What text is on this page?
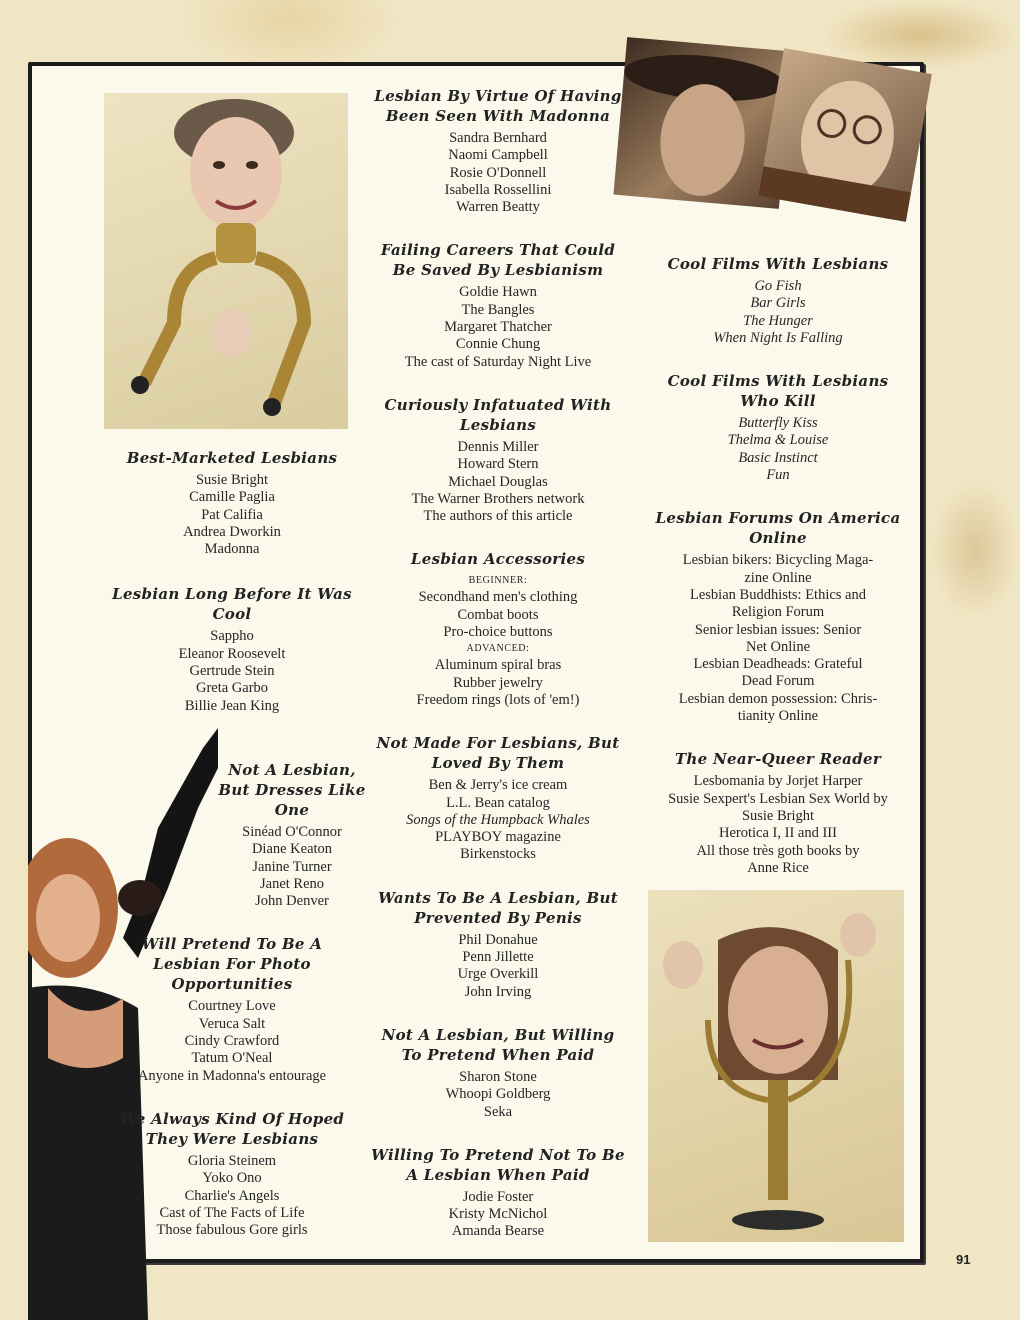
Best-Marketed Lesbians
Susie Bright
Camille Paglia
Pat Califia
Andrea Dworkin
Madonna
Lesbian Long Before It Was Cool
Sappho
Eleanor Roosevelt
Gertrude Stein
Greta Garbo
Billie Jean King
Not A Lesbian, But Dresses Like One
Sinéad O'Connor
Diane Keaton
Janine Turner
Janet Reno
John Denver
Will Pretend To Be A Lesbian For Photo Opportunities
Courtney Love
Veruca Salt
Cindy Crawford
Tatum O'Neal
Anyone in Madonna's entourage
We Always Kind Of Hoped They Were Lesbians
Gloria Steinem
Yoko Ono
Charlie's Angels
Cast of The Facts of Life
Those fabulous Gore girls
Lesbian By Virtue Of Having Been Seen With Madonna
Sandra Bernhard
Naomi Campbell
Rosie O'Donnell
Isabella Rossellini
Warren Beatty
Failing Careers That Could Be Saved By Lesbianism
Goldie Hawn
The Bangles
Margaret Thatcher
Connie Chung
The cast of Saturday Night Live
Curiously Infatuated With Lesbians
Dennis Miller
Howard Stern
Michael Douglas
The Warner Brothers network
The authors of this article
Lesbian Accessories
BEGINNER:
Secondhand men's clothing
Combat boots
Pro-choice buttons
ADVANCED:
Aluminum spiral bras
Rubber jewelry
Freedom rings (lots of 'em!)
Not Made For Lesbians, But Loved By Them
Ben & Jerry's ice cream
L.L. Bean catalog
Songs of the Humpback Whales
PLAYBOY magazine
Birkenstocks
Wants To Be A Lesbian, But Prevented By Penis
Phil Donahue
Penn Jillette
Urge Overkill
John Irving
Not A Lesbian, But Willing To Pretend When Paid
Sharon Stone
Whoopi Goldberg
Seka
Willing To Pretend Not To Be A Lesbian When Paid
Jodie Foster
Kristy McNichol
Amanda Bearse
Cool Films With Lesbians
Go Fish
Bar Girls
The Hunger
When Night Is Falling
Cool Films With Lesbians Who Kill
Butterfly Kiss
Thelma & Louise
Basic Instinct
Fun
Lesbian Forums On America Online
Lesbian bikers: Bicycling Maga-
zine Online
Lesbian Buddhists: Ethics and
Religion Forum
Senior lesbian issues: Senior
Net Online
Lesbian Deadheads: Grateful
Dead Forum
Lesbian demon possession: Chris-
tianity Online
The Near-Queer Reader
Lesbomania by Jorjet Harper
Susie Sexpert's Lesbian Sex World by
Susie Bright
Herotica I, II and III
All those très goth books by
Anne Rice
91
